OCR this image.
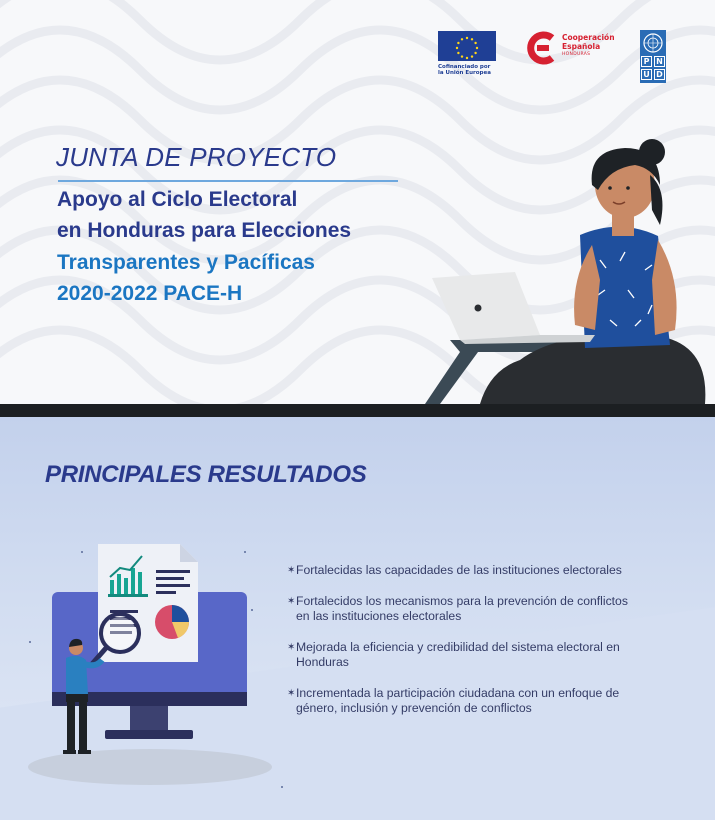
Cofinanciado por
la Unión Europea
Cooperación
Española
HONDURAS
P N
U D
JUNTA DE PROYECTO
Apoyo al Ciclo Electoral
en Honduras para Elecciones
Transparentes y Pacíficas
2020-2022 PACE-H
PRINCIPALES RESULTADOS
✶ Fortalecidas las capacidades de las instituciones electorales
✶ Fortalecidos los mecanismos para la prevención de conflictos
en las instituciones electorales
✶ Mejorada la eficiencia y credibilidad del sistema electoral en
Honduras
✶ Incrementada la participación ciudadana con un enfoque de
género, inclusión y prevención de conflictos
